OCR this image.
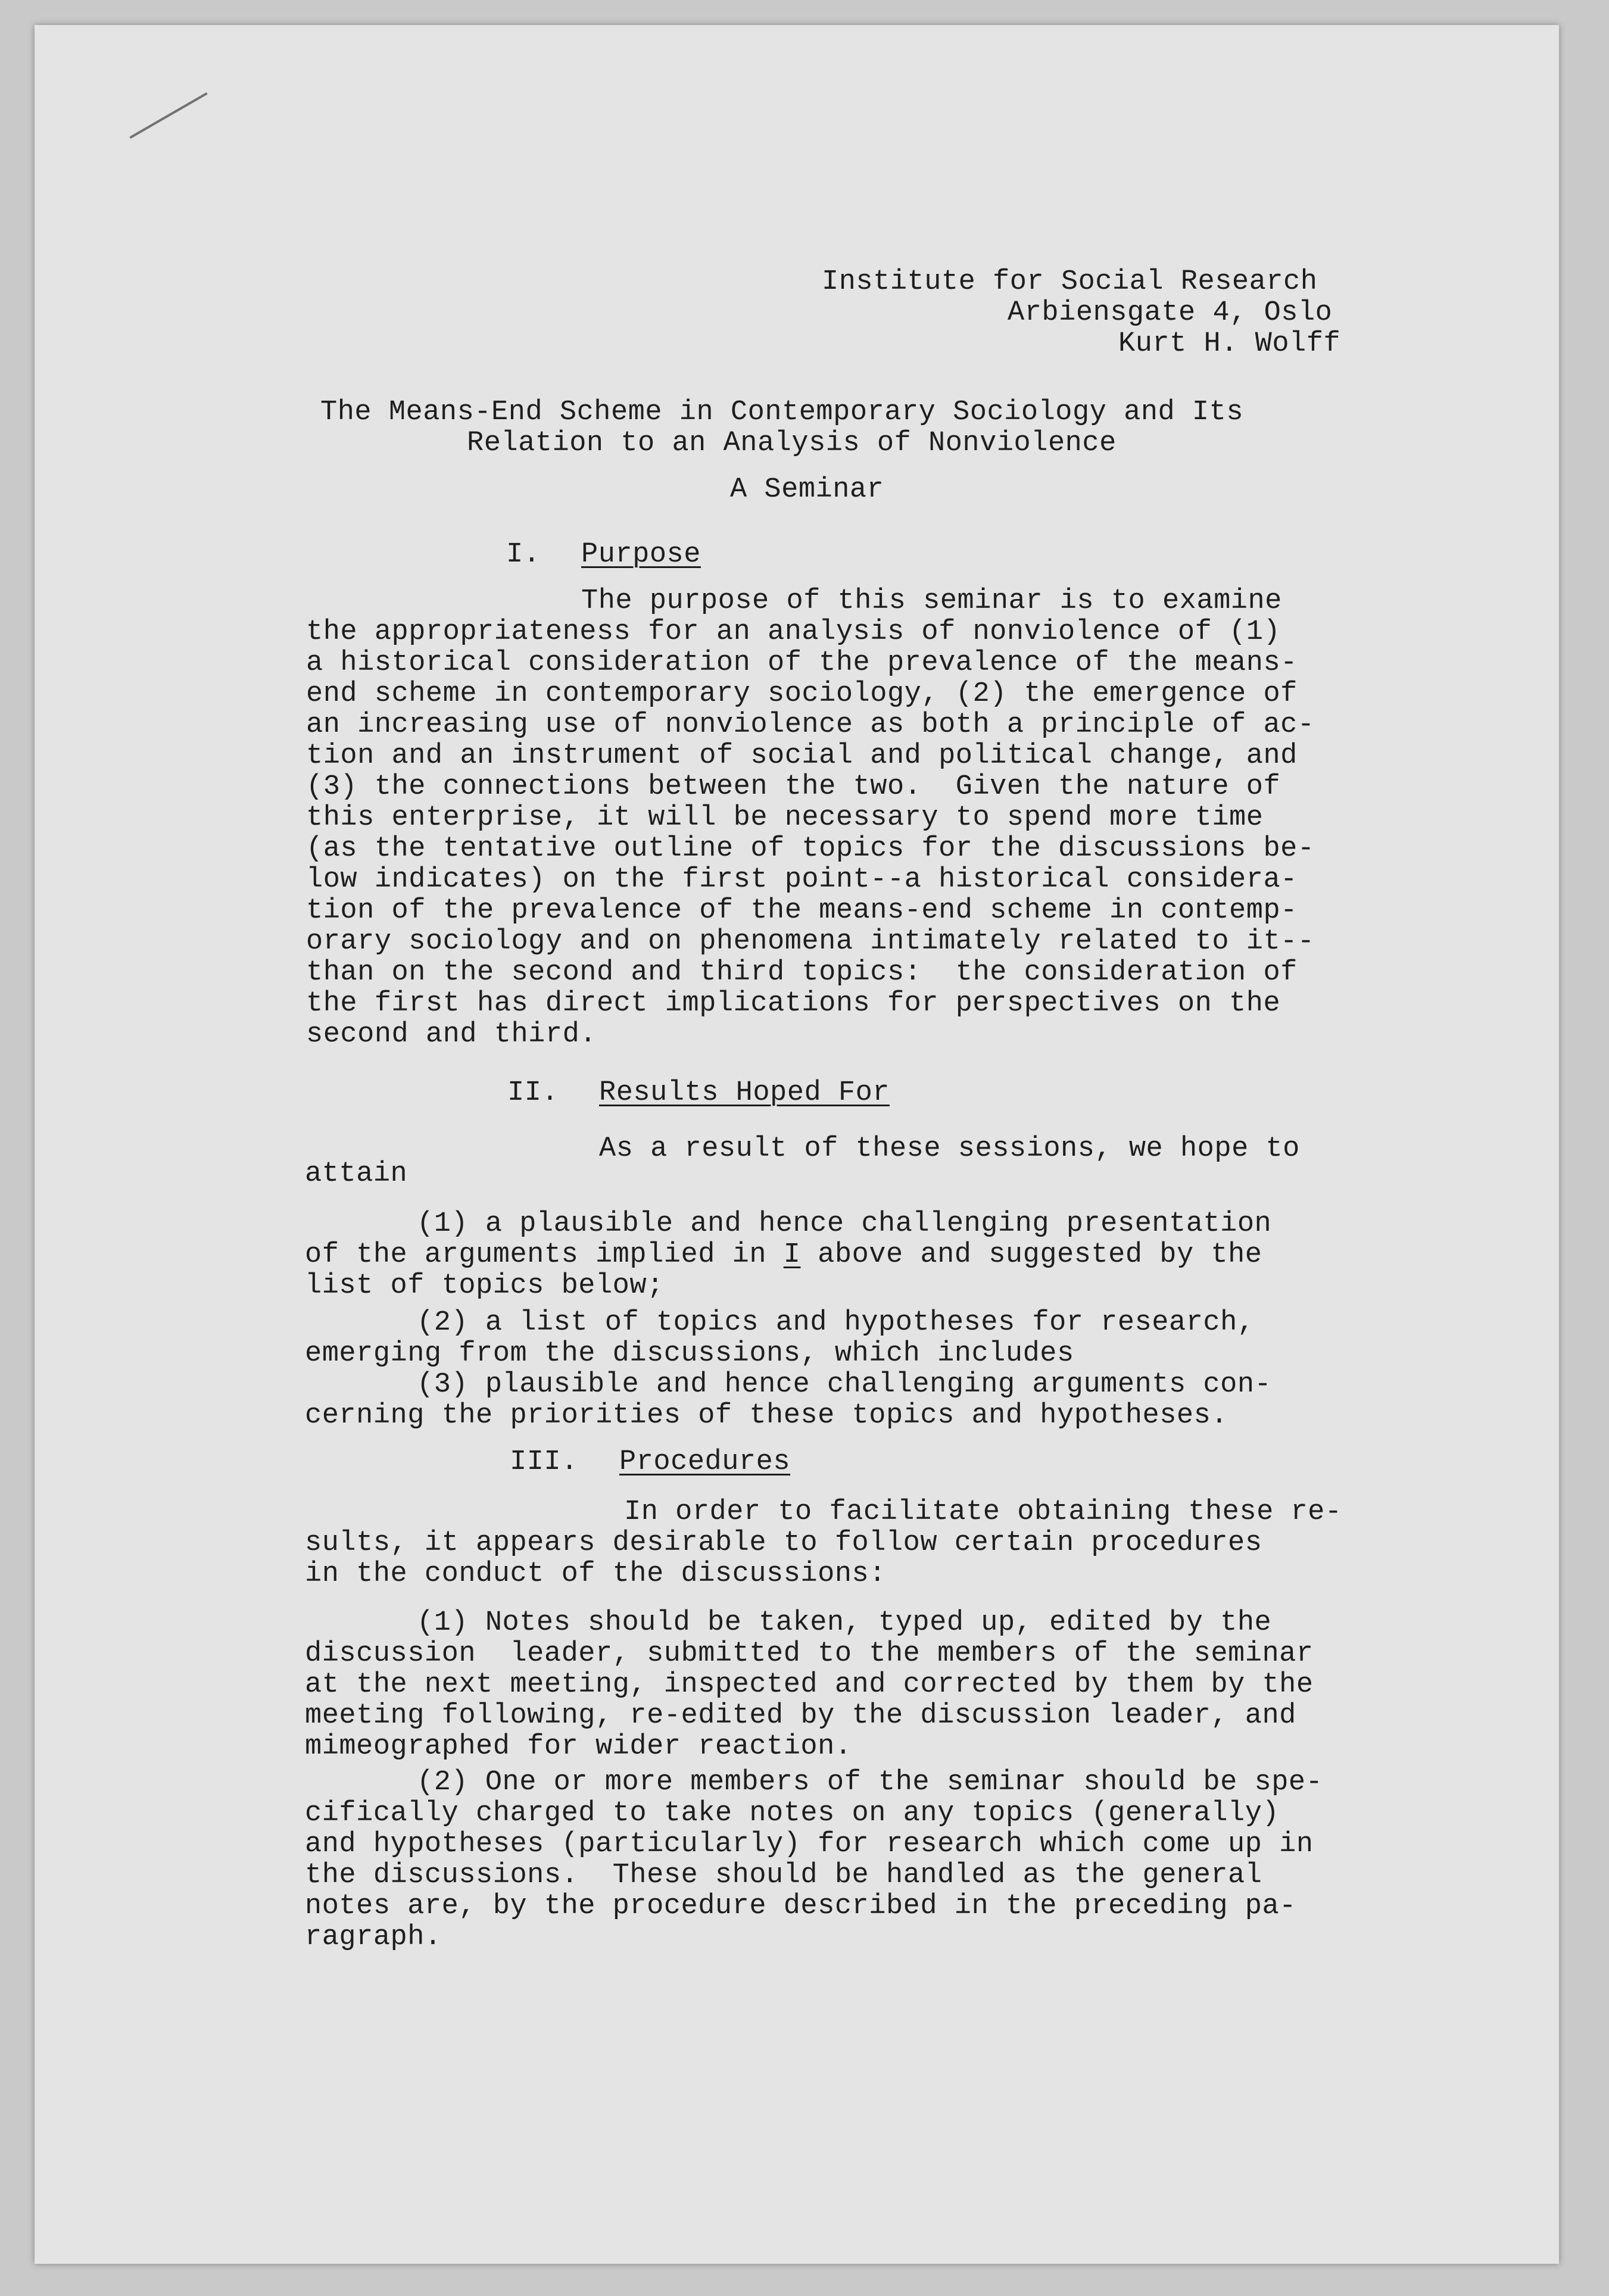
Institute for Social Research
Arbiensgate 4, Oslo
Kurt H. Wolff
The Means-End Scheme in Contemporary Sociology and Its
Relation to an Analysis of Nonviolence
A Seminar
I. Purpose
The purpose of this seminar is to examine
the appropriateness for an analysis of nonviolence of (1)
a historical consideration of the prevalence of the means-
end scheme in contemporary sociology, (2) the emergence of
an increasing use of nonviolence as both a principle of ac-
tion and an instrument of social and political change, and
(3) the connections between the two.  Given the nature of
this enterprise, it will be necessary to spend more time
(as the tentative outline of topics for the discussions be-
low indicates) on the first point--a historical considera-
tion of the prevalence of the means-end scheme in contemp-
orary sociology and on phenomena intimately related to it--
than on the second and third topics:  the consideration of
the first has direct implications for perspectives on the
second and third.
II. Results Hoped For
As a result of these sessions, we hope to
attain
(1) a plausible and hence challenging presentation
of the arguments implied in I above and suggested by the
list of topics below;
(2) a list of topics and hypotheses for research,
emerging from the discussions, which includes
(3) plausible and hence challenging arguments con-
cerning the priorities of these topics and hypotheses.
III. Procedures
In order to facilitate obtaining these re-
sults, it appears desirable to follow certain procedures
in the conduct of the discussions:
(1) Notes should be taken, typed up, edited by the
discussion  leader, submitted to the members of the seminar
at the next meeting, inspected and corrected by them by the
meeting following, re-edited by the discussion leader, and
mimeographed for wider reaction.
(2) One or more members of the seminar should be spe-
cifically charged to take notes on any topics (generally)
and hypotheses (particularly) for research which come up in
the discussions.  These should be handled as the general
notes are, by the procedure described in the preceding pa-
ragraph.
